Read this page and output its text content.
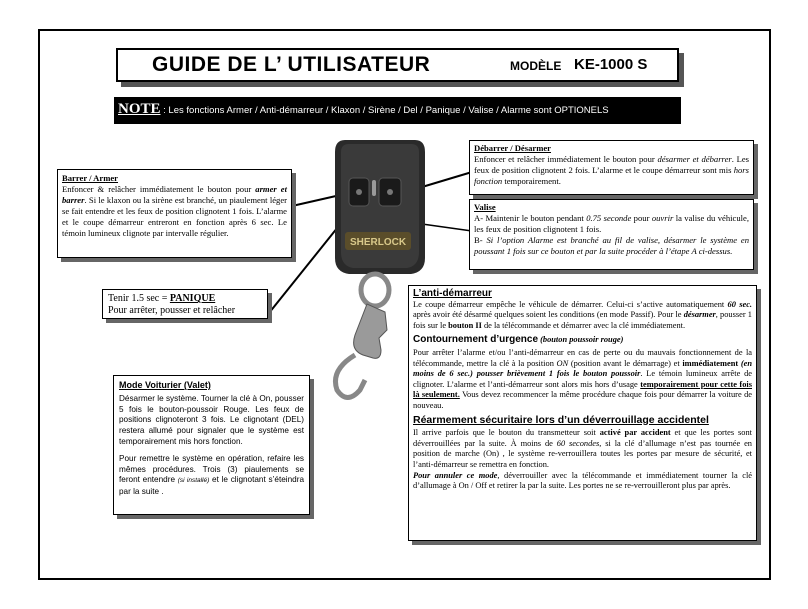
GUIDE DE L’ UTILISATEUR	MODÈLE KE-1000 S
NOTE : Les fonctions Armer / Anti-démarreur / Klaxon / Sirène / Del / Panique / Valise / Alarme sont OPTIONELS
SHERLOCK

Barrer / Armer

Enfoncer & relâcher immédiatement le bouton pour armer et barrer. Si le klaxon ou la sirène est branché, un piaulement léger se fait entendre et les feux de position clignotent 1 fois. L’alarme et le coupe démarreur entreront en fonction après 6 sec. Le témoin lumineux clignote par intervalle régulier.

Tenir 1.5 sec = PANIQUE

Pour arrêter, pousser et relâcher

Débarrer / Désarmer

Enfoncer et relâcher immédiatement le bouton pour désarmer et débarrer. Les feux de position clignotent 2 fois. L’alarme et le coupe démarreur sont mis hors fonction temporairement.

Valise

A- Maintenir le bouton pendant 0.75 seconde pour ouvrir la valise du véhicule, les feux de position clignotent 1 fois.

B- Si l’option Alarme est branché au fil de valise, désarmer le système en poussant 1 fois sur ce bouton et par la suite procéder à l’étape A ci-dessus.

Mode Voiturier (Valet)

Désarmer le système. Tourner la clé à On, pousser 5 fois le bouton-poussoir Rouge. Les feux de positions clignoteront 3 fois. Le clignotant (DEL) restera allumé pour signaler que le système est temporairement mis hors fonction.

Pour remettre le système en opération, refaire les mêmes procédures. Trois (3) piaulements se feront entendre (si installé) et le clignotant s’éteindra par la suite .

L’anti-démarreur

Le coupe démarreur empêche le véhicule de démarrer. Celui-ci s’active automatiquement 60 sec. après avoir été désarmé quelques soient les conditions (en mode Passif). Pour le désarmer, pousser 1 fois sur le bouton II de la télécommande et démarrer avec la clé immédiatement.

Contournement d’urgence (bouton poussoir rouge)

Pour arrêter l’alarme et/ou l’anti-démarreur en cas de perte ou du mauvais fonctionnement de la télécommande, mettre la clé à la position ON (position avant le démarrage) et immédiatement (en moins de 6 sec.) pousser brièvement 1 fois le bouton poussoir. Le témoin lumineux arrête de clignoter. L’alarme et l’anti-démarreur sont alors mis hors d’usage temporairement pour cette fois là seulement. Vous devez recommencer la même procédure chaque fois pour démarrer la voiture de nouveau.

Réarmement sécuritaire lors d’un déverrouillage accidentel

Il arrive parfois que le bouton du transmetteur soit activé par accident et que les portes sont déverrouillées par la suite. À moins de 60 secondes, si la clé d’allumage n’est pas tournée en position de marche (On) , le système re-verrouillera toutes les portes par mesure de sécurité, et l’anti-démarreur se remettra en fonction.

Pour annuler ce mode, déverrouiller avec la télécommande et immédiatement tourner la clé d’allumage à On / Off et retirer la par la suite. Les portes ne se re-verrouilleront plus par après.
